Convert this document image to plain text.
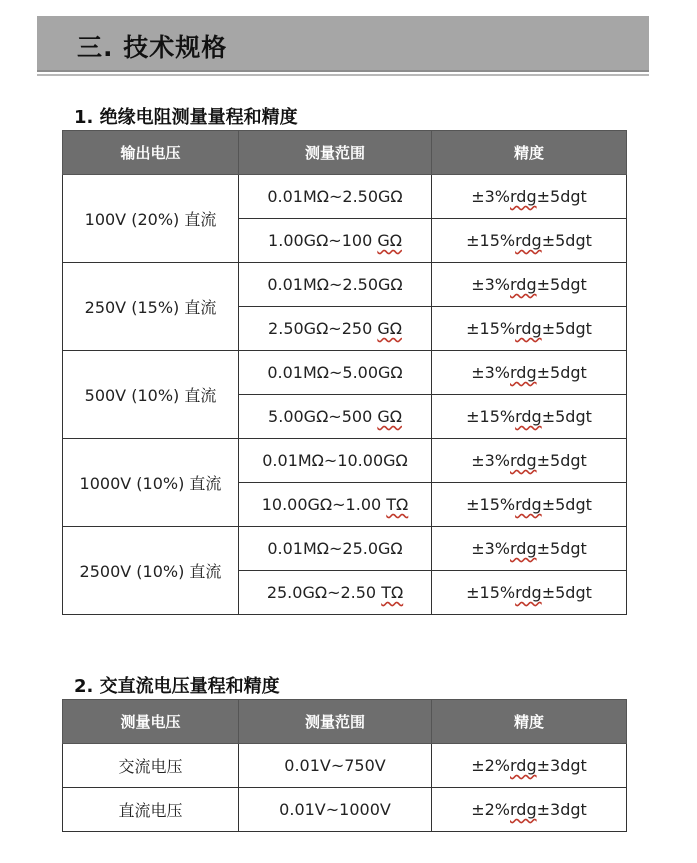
三. 技术规格
1. 绝缘电阻测量量程和精度
输出电压	测量范围	精度
100V (20%) 直流	0.01MΩ~2.50GΩ	±3%rdg±5dgt
	1.00GΩ~100 GΩ	±15%rdg±5dgt
250V (15%) 直流	0.01MΩ~2.50GΩ	±3%rdg±5dgt
	2.50GΩ~250 GΩ	±15%rdg±5dgt
500V (10%) 直流	0.01MΩ~5.00GΩ	±3%rdg±5dgt
	5.00GΩ~500 GΩ	±15%rdg±5dgt
1000V (10%) 直流	0.01MΩ~10.00GΩ	±3%rdg±5dgt
	10.00GΩ~1.00 TΩ	±15%rdg±5dgt
2500V (10%) 直流	0.01MΩ~25.0GΩ	±3%rdg±5dgt
	25.0GΩ~2.50 TΩ	±15%rdg±5dgt
2. 交直流电压量程和精度
测量电压	测量范围	精度
交流电压	0.01V~750V	±2%rdg±3dgt
直流电压	0.01V~1000V	±2%rdg±3dgt
